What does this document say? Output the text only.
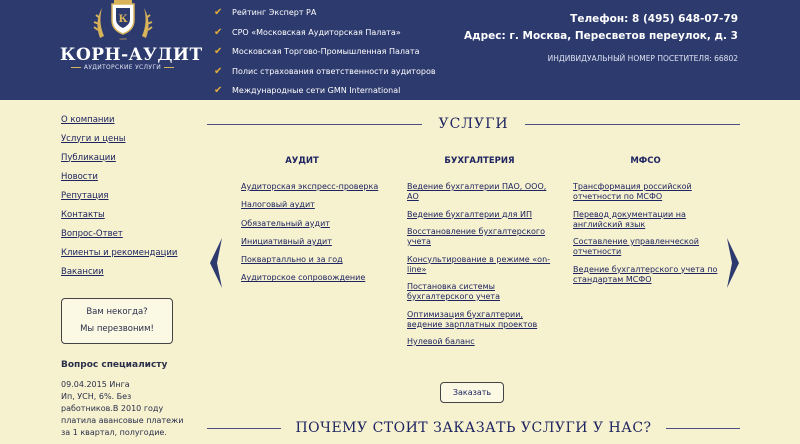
К
1995
КОРН-АУДИТ
АУДИТОРСКИЕ УСЛУГИ
✔	Рейтинг Эксперт РА
✔	СРО «Московская Аудиторская Палата»
✔	Московская Торгово-Промышленная Палата
✔	Полис страхования ответственности аудиторов
✔	Международные сети GMN International
Телефон: 8 (495) 648-07-79
Адрес: г. Москва, Пересветов переулок, д. 3
ИНДИВИДУАЛЬНЫЙ НОМЕР ПОСЕТИТЕЛЯ: 66802
О компании
Услуги и цены
Публикации
Новости
Репутация
Контакты
Вопрос-Ответ
Клиенты и рекомендации
Вакансии
Вам некогда?
Мы перезвоним!
Вопрос специалисту
09.04.2015 Инга
Ип, УСН, 6%. Без работников.В 2010 году платила авансовые платежи за 1 квартал, полугодие.
УСЛУГИ
АУДИТ
Аудиторская экспресс-проверка
Налоговый аудит
Обязательный аудит
Инициативный аудит
Покварталльно и за год
Аудиторское сопровождение
БУХГАЛТЕРИЯ
Ведение бухгалтерии ПАО, ООО, АО
Ведение бухгалтерии для ИП
Восстановление бухгалтерского учета
Консультирование в режиме «on-line»
Постановка системы бухгалтерского учета
Оптимизация бухгалтерии, ведение зарплатных проектов
Нулевой баланс
МФСО
Трансформация российской отчетности по МСФО
Перевод документации на английский язык
Составление управленческой отчетности
Ведение бухгалтерского учета по стандартам МСФО
Заказать
ПОЧЕМУ СТОИТ ЗАКАЗАТЬ УСЛУГИ У НАС?
